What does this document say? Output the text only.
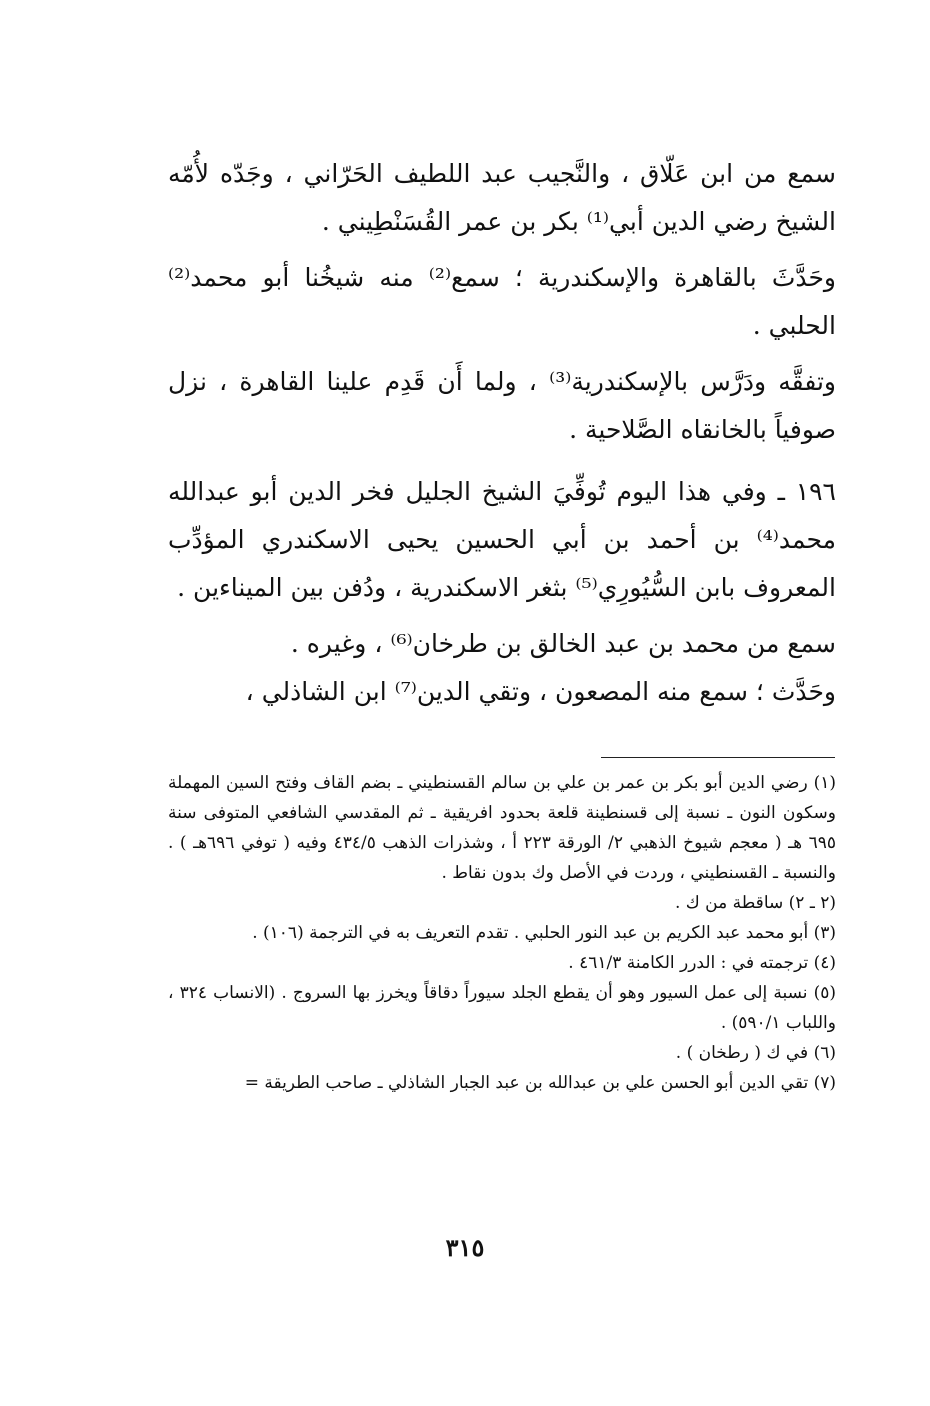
سمع من ابن عَلّاق ، والنَّجيب عبد اللطيف الحَرّاني ، وجَدّه لأُمّه الشيخ رضي الدين أبي⁽¹⁾ بكر بن عمر القُسَنْطِيني .

وحَدَّثَ بالقاهرة والإسكندرية ؛ سمع⁽²⁾ منه شيخُنا أبو محمد⁽²⁾ الحلبي .

وتفقَّه ودَرَّس بالإسكندرية⁽³⁾ ، ولما أَن قَدِم علينا القاهرة ، نزل صوفياً بالخانقاه الصَّلاحية .

١٩٦ ـ وفي هذا اليوم تُوفِّيَ الشيخ الجليل فخر الدين أبو عبدالله محمد⁽⁴⁾ بن أحمد بن أبي الحسين يحيى الاسكندري المؤدِّب المعروف بابن السُّيُورِي⁽⁵⁾ بثغر الاسكندرية ، ودُفن بين الميناءين .

سمع من محمد بن عبد الخالق بن طرخان⁽⁶⁾ ، وغيره .

وحَدَّث ؛ سمع منه المصعون ، وتقي الدين⁽⁷⁾ ابن الشاذلي ،

(١) رضي الدين أبو بكر بن عمر بن علي بن سالم القسنطيني ـ بضم القاف وفتح السين المهملة وسكون النون ـ نسبة إلى قسنطينة قلعة بحدود افريقية ـ ثم المقدسي الشافعي المتوفى سنة ٦٩٥ هـ ( معجم شيوخ الذهبي ٢/ الورقة ٢٢٣ أ ، وشذرات الذهب ٤٣٤/٥ وفيه ( توفي ٦٩٦هـ ) . والنسبة ـ القسنطيني ، وردت في الأصل وك بدون نقاط .

(٢ ـ ٢) ساقطة من ك .

(٣) أبو محمد عبد الكريم بن عبد النور الحلبي . تقدم التعريف به في الترجمة (١٠٦) .

(٤) ترجمته في : الدرر الكامنة ٤٦١/٣ .

(٥) نسبة إلى عمل السيور وهو أن يقطع الجلد سيوراً دقاقاً ويخرز بها السروج . (الانساب ٣٢٤ ، واللباب ٥٩٠/١) .

(٦) في ك ( رطخان ) .

(٧) تقي الدين أبو الحسن علي بن عبدالله بن عبد الجبار الشاذلي ـ صاحب الطريقة =

٣١٥
